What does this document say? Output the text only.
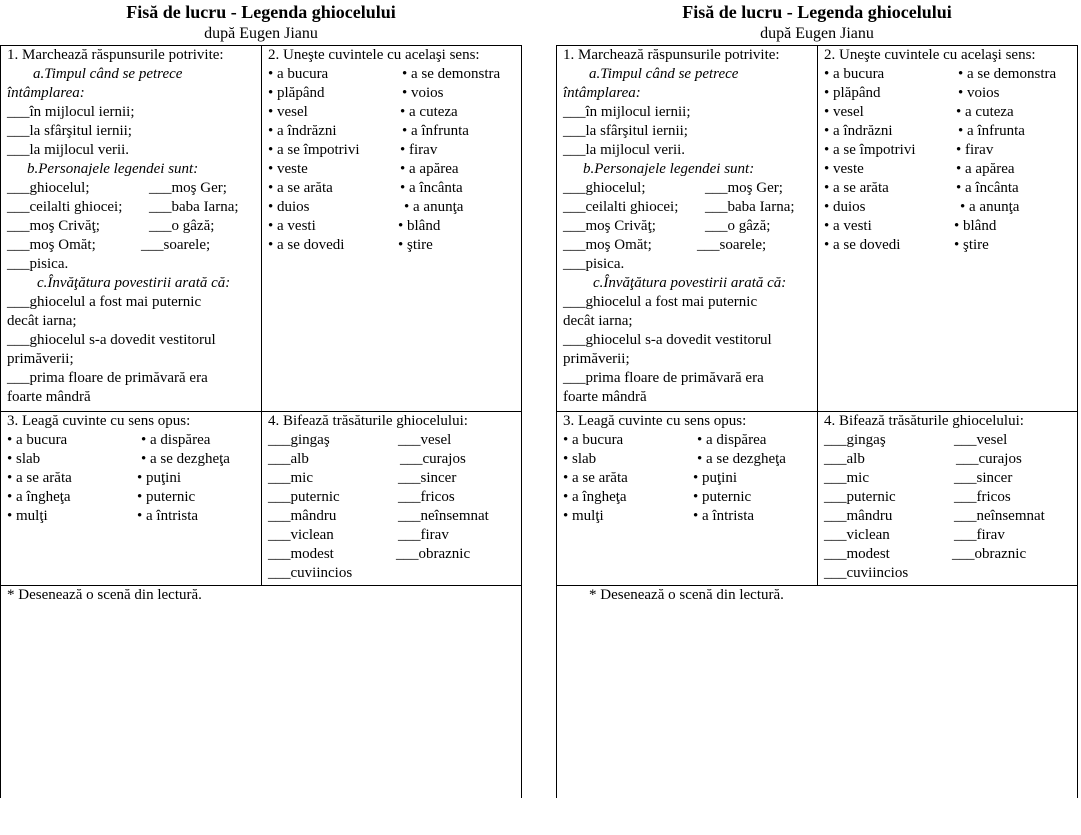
Fisă de lucru - Legenda ghiocelului
după Eugen Jianu
1. Marchează răspunsurile potrivite:
a.Timpul când se petrece
întâmplarea:
___în mijlocul iernii;
___la sfârşitul iernii;
___la mijlocul verii.
b.Personajele legendei sunt:
___ghiocelul;
___ceilalti ghiocei;
___moş Crivăţ;
___moş Omăt;
___pisica.
___moş Ger;
___baba Iarna;
___o gâză;
___soarele;
c.Învăţătura povestirii arată că:
___ghiocelul a fost mai puternic
decât iarna;
___ghiocelul s-a dovedit vestitorul
primăverii;
___prima floare de primăvară era
foarte mândră
2. Uneşte cuvintele cu acelaşi sens:
• a bucura
• plăpând
• vesel
• a îndrăzni
• a se împotrivi
• veste
• a se arăta
• duios
• a vesti
• a se dovedi
• a se demonstra
• voios
• a cuteza
• a înfrunta
• firav
• a apărea
• a încânta
• a anunţa
• blând
• ştire
3. Leagă cuvinte cu sens opus:
• a bucura
• slab
• a se arăta
• a îngheţa
• mulţi
• a dispărea
• a se dezgheţa
• puţini
• puternic
• a întrista
4. Bifează trăsăturile ghiocelului:
___gingaş
___alb
___mic
___puternic
___mândru
___viclean
___modest
___cuviincios
___vesel
___curajos
___sincer
___fricos
___neînsemnat
___firav
___obraznic
* Desenează o scenă din lectură.
Fisă de lucru - Legenda ghiocelului
după Eugen Jianu
1. Marchează răspunsurile potrivite:
a.Timpul când se petrece
întâmplarea:
___în mijlocul iernii;
___la sfârşitul iernii;
___la mijlocul verii.
b.Personajele legendei sunt:
___ghiocelul;
___ceilalti ghiocei;
___moş Crivăţ;
___moş Omăt;
___pisica.
___moş Ger;
___baba Iarna;
___o gâză;
___soarele;
c.Învăţătura povestirii arată că:
___ghiocelul a fost mai puternic
decât iarna;
___ghiocelul s-a dovedit vestitorul
primăverii;
___prima floare de primăvară era
foarte mândră
2. Uneşte cuvintele cu acelaşi sens:
• a bucura
• plăpând
• vesel
• a îndrăzni
• a se împotrivi
• veste
• a se arăta
• duios
• a vesti
• a se dovedi
• a se demonstra
• voios
• a cuteza
• a înfrunta
• firav
• a apărea
• a încânta
• a anunţa
• blând
• ştire
3. Leagă cuvinte cu sens opus:
• a bucura
• slab
• a se arăta
• a îngheţa
• mulţi
• a dispărea
• a se dezgheţa
• puţini
• puternic
• a întrista
4. Bifează trăsăturile ghiocelului:
___gingaş
___alb
___mic
___puternic
___mândru
___viclean
___modest
___cuviincios
___vesel
___curajos
___sincer
___fricos
___neînsemnat
___firav
___obraznic
* Desenează o scenă din lectură.
